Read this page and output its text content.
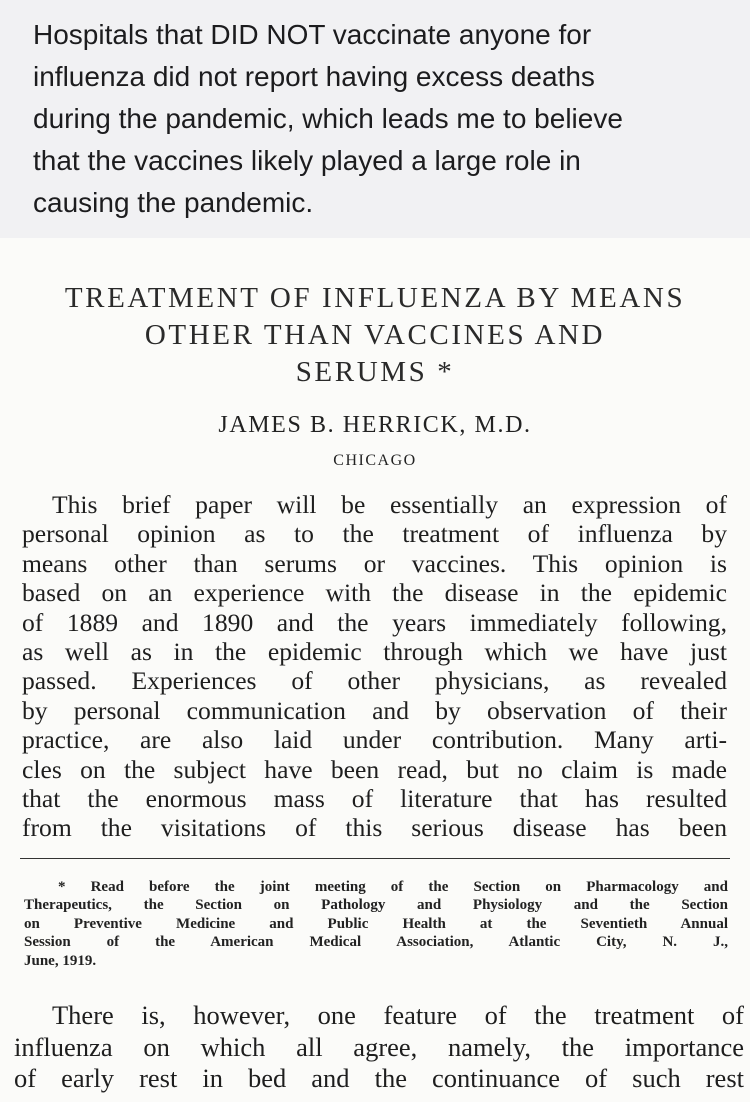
Hospitals that DID NOT vaccinate anyone for
influenza did not report having excess deaths
during the pandemic, which leads me to believe
that the vaccines likely played a large role in
causing the pandemic.
TREATMENT OF INFLUENZA BY MEANS
OTHER THAN VACCINES AND
SERUMS *
JAMES B. HERRICK, M.D.
CHICAGO
This brief paper will be essentially an expression of
personal opinion as to the treatment of influenza by
means other than serums or vaccines. This opinion is
based on an experience with the disease in the epidemic
of 1889 and 1890 and the years immediately following,
as well as in the epidemic through which we have just
passed. Experiences of other physicians, as revealed
by personal communication and by observation of their
practice, are also laid under contribution. Many arti-
cles on the subject have been read, but no claim is made
that the enormous mass of literature that has resulted
from the visitations of this serious disease has been
* Read before the joint meeting of the Section on Pharmacology and
Therapeutics, the Section on Pathology and Physiology and the Section
on Preventive Medicine and Public Health at the Seventieth Annual
Session of the American Medical Association, Atlantic City, N. J.,
June, 1919.
There is, however, one feature of the treatment of
influenza on which all agree, namely, the importance
of early rest in bed and the continuance of such rest
